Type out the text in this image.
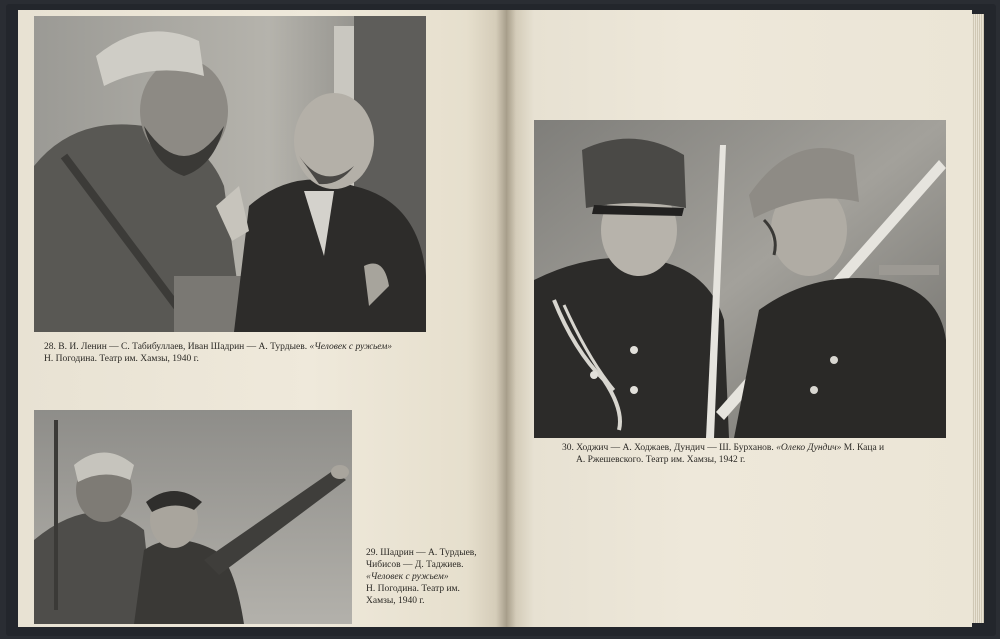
28. В. И. Ленин — С. Табибуллаев, Иван Шадрин — А. Турдыев. «Человек с ружьем»
Н. Погодина. Театр им. Хамзы, 1940 г.
29. Шадрин — А. Турдыев,
Чибисов — Д. Таджиев.
«Человек с ружьем»
Н. Погодина. Театр им.
Хамзы, 1940 г.
30. Ходжич — А. Ходжаев, Дундич — Ш. Бурханов. «Олеко Дундич» М. Каца и
А. Ржешевского. Театр им. Хамзы, 1942 г.
